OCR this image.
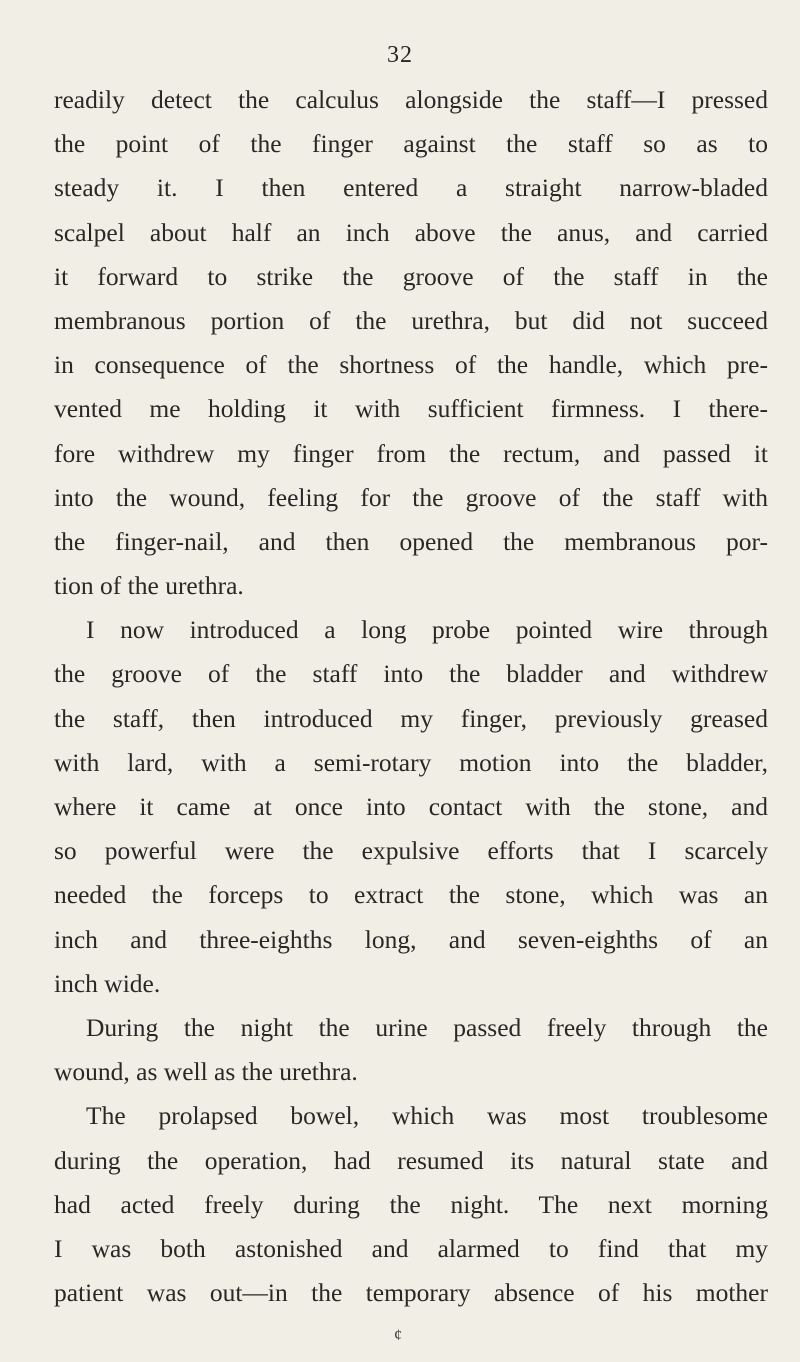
32
readily detect the calculus alongside the staff—I pressed
the point of the finger against the staff so as to
steady it. I then entered a straight narrow-bladed
scalpel about half an inch above the anus, and carried
it forward to strike the groove of the staff in the
membranous portion of the urethra, but did not succeed
in consequence of the shortness of the handle, which pre-
vented me holding it with sufficient firmness. I there-
fore withdrew my finger from the rectum, and passed it
into the wound, feeling for the groove of the staff with
the finger-nail, and then opened the membranous por-
tion of the urethra.
I now introduced a long probe pointed wire through
the groove of the staff into the bladder and withdrew
the staff, then introduced my finger, previously greased
with lard, with a semi-rotary motion into the bladder,
where it came at once into contact with the stone, and
so powerful were the expulsive efforts that I scarcely
needed the forceps to extract the stone, which was an
inch and three-eighths long, and seven-eighths of an
inch wide.
During the night the urine passed freely through the
wound, as well as the urethra.
The prolapsed bowel, which was most troublesome
during the operation, had resumed its natural state and
had acted freely during the night. The next morning
I was both astonished and alarmed to find that my
patient was out—in the temporary absence of his mother
¢
